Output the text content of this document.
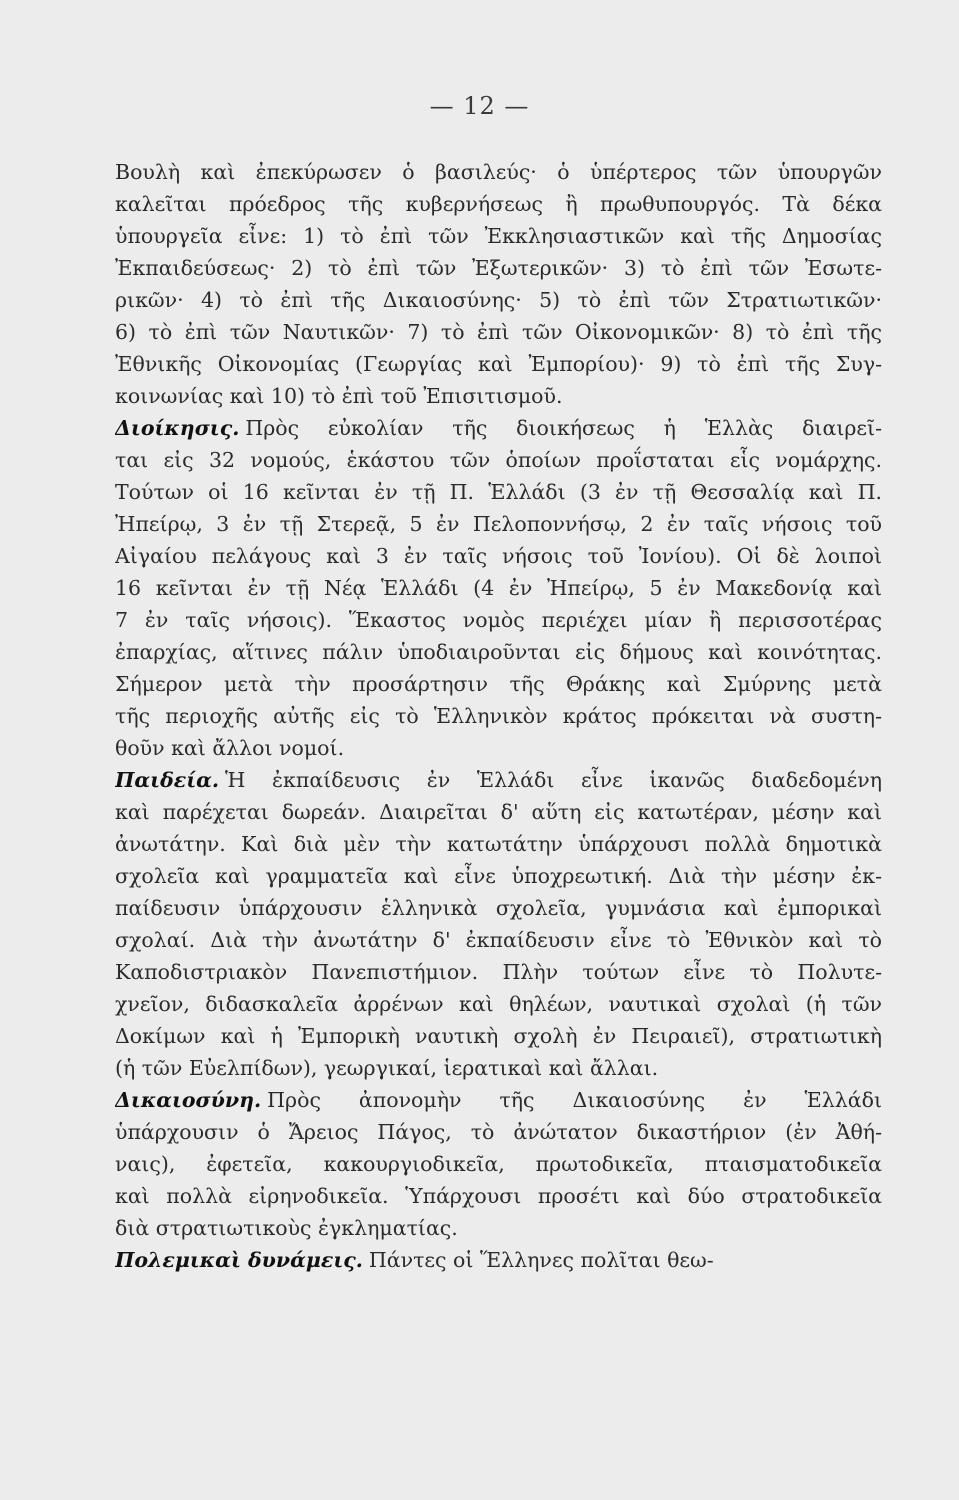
— 12 —
Βουλὴ καὶ ἐπεκύρωσεν ὁ βασιλεύς· ὁ ὑπέρτερος τῶν ὑπουργῶν
καλεῖται πρόεδρος τῆς κυβερνήσεως ἢ πρωθυπουργός. Τὰ δέκα
ὑπουργεῖα εἶνε: 1) τὸ ἐπὶ τῶν Ἐκκλησιαστικῶν καὶ τῆς Δημοσίας
Ἐκπαιδεύσεως· 2) τὸ ἐπὶ τῶν Ἐξωτερικῶν· 3) τὸ ἐπὶ τῶν Ἐσωτε-
ρικῶν· 4) τὸ ἐπὶ τῆς Δικαιοσύνης· 5) τὸ ἐπὶ τῶν Στρατιωτικῶν·
6) τὸ ἐπὶ τῶν Ναυτικῶν· 7) τὸ ἐπὶ τῶν Οἰκονομικῶν· 8) τὸ ἐπὶ τῆς
Ἐθνικῆς Οἰκονομίας (Γεωργίας καὶ Ἐμπορίου)· 9) τὸ ἐπὶ τῆς Συγ-
κοινωνίας καὶ 10) τὸ ἐπὶ τοῦ Ἐπισιτισμοῦ.
Διοίκησις. Πρὸς εὐκολίαν τῆς διοικήσεως ἡ Ἑλλὰς διαιρεῖ-
ται εἰς 32 νομούς, ἑκάστου τῶν ὁποίων προΐσταται εἷς νομάρχης.
Τούτων οἱ 16 κεῖνται ἐν τῇ Π. Ἑλλάδι (3 ἐν τῇ Θεσσαλίᾳ καὶ Π.
Ἠπείρῳ, 3 ἐν τῇ Στερεᾷ, 5 ἐν Πελοποννήσῳ, 2 ἐν ταῖς νήσοις τοῦ
Αἰγαίου πελάγους καὶ 3 ἐν ταῖς νήσοις τοῦ Ἰονίου). Οἱ δὲ λοιποὶ
16 κεῖνται ἐν τῇ Νέᾳ Ἑλλάδι (4 ἐν Ἠπείρῳ, 5 ἐν Μακεδονίᾳ καὶ
7 ἐν ταῖς νήσοις). Ἕκαστος νομὸς περιέχει μίαν ἢ περισσοτέρας
ἐπαρχίας, αἵτινες πάλιν ὑποδιαιροῦνται εἰς δήμους καὶ κοινότητας.
Σήμερον μετὰ τὴν προσάρτησιν τῆς Θράκης καὶ Σμύρνης μετὰ
τῆς περιοχῆς αὐτῆς εἰς τὸ Ἑλληνικὸν κράτος πρόκειται νὰ συστη-
θοῦν καὶ ἄλλοι νομοί.
Παιδεία. Ἡ ἐκπαίδευσις ἐν Ἑλλάδι εἶνε ἱκανῶς διαδεδομένη
καὶ παρέχεται δωρεάν. Διαιρεῖται δ' αὕτη εἰς κατωτέραν, μέσην καὶ
ἀνωτάτην. Καὶ διὰ μὲν τὴν κατωτάτην ὑπάρχουσι πολλὰ δημοτικὰ
σχολεῖα καὶ γραμματεῖα καὶ εἶνε ὑποχρεωτική. Διὰ τὴν μέσην ἐκ-
παίδευσιν ὑπάρχουσιν ἑλληνικὰ σχολεῖα, γυμνάσια καὶ ἐμπορικαὶ
σχολαί. Διὰ τὴν ἀνωτάτην δ' ἐκπαίδευσιν εἶνε τὸ Ἐθνικὸν καὶ τὸ
Καποδιστριακὸν Πανεπιστήμιον. Πλὴν τούτων εἶνε τὸ Πολυτε-
χνεῖον, διδασκαλεῖα ἀρρένων καὶ θηλέων, ναυτικαὶ σχολαὶ (ἡ τῶν
Δοκίμων καὶ ἡ Ἐμπορικὴ ναυτικὴ σχολὴ ἐν Πειραιεῖ), στρατιωτικὴ
(ἡ τῶν Εὐελπίδων), γεωργικαί, ἱερατικαὶ καὶ ἄλλαι.
Δικαιοσύνη. Πρὸς ἀπονομὴν τῆς Δικαιοσύνης ἐν Ἑλλάδι
ὑπάρχουσιν ὁ Ἄρειος Πάγος, τὸ ἀνώτατον δικαστήριον (ἐν Ἀθή-
ναις), ἐφετεῖα, κακουργιοδικεῖα, πρωτοδικεῖα, πταισματοδικεῖα
καὶ πολλὰ εἰρηνοδικεῖα. Ὑπάρχουσι προσέτι καὶ δύο στρατοδικεῖα
διὰ στρατιωτικοὺς ἐγκληματίας.
Πολεμικαὶ δυνάμεις. Πάντες οἱ Ἕλληνες πολῖται θεω-
